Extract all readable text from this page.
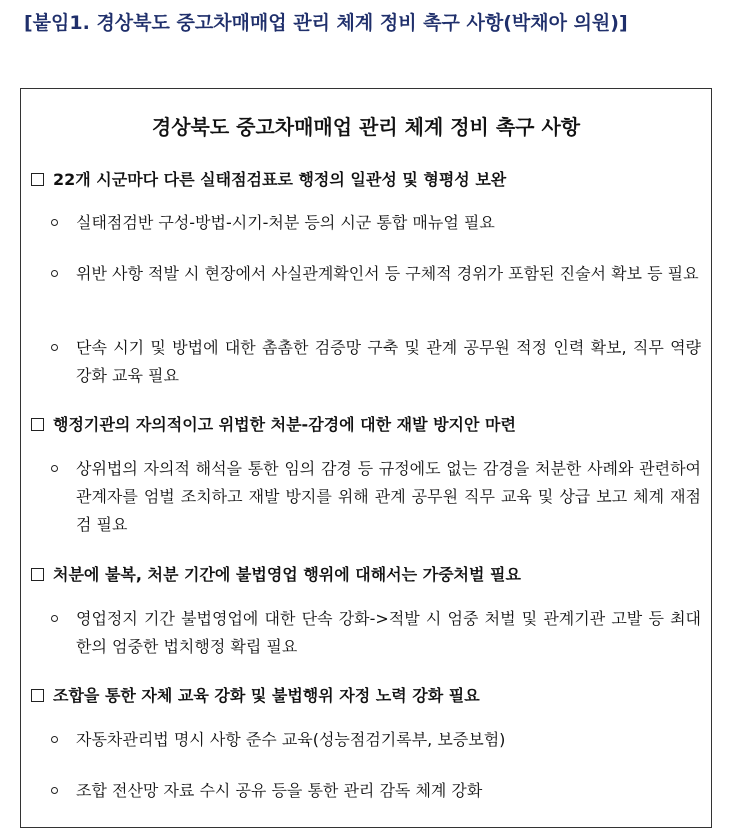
[붙임1. 경상북도 중고차매매업 관리 체계 정비 촉구 사항(박채아 의원)]
경상북도 중고차매매업 관리 체계 정비 촉구 사항
22개 시군마다 다른 실태점검표로 행정의 일관성 및 형평성 보완
실태점검반 구성-방법-시기-처분 등의 시군 통합 매뉴얼 필요
위반 사항 적발 시 현장에서 사실관계확인서 등 구체적 경위가 포함된 진술서 확보 등 필요
단속 시기 및 방법에 대한 촘촘한 검증망 구축 및 관계 공무원 적정 인력 확보, 직무 역량 강화 교육 필요
행정기관의 자의적이고 위법한 처분-감경에 대한 재발 방지안 마련
상위법의 자의적 해석을 통한 임의 감경 등 규정에도 없는 감경을 처분한 사례와 관련하여 관계자를 엄벌 조치하고 재발 방지를 위해 관계 공무원 직무 교육 및 상급 보고 체계 재점검 필요
처분에 불복, 처분 기간에 불법영업 행위에 대해서는 가중처벌 필요
영업정지 기간 불법영업에 대한 단속 강화->적발 시 엄중 처벌 및 관계기관 고발 등 최대한의 엄중한 법치행정 확립 필요
조합을 통한 자체 교육 강화 및 불법행위 자정 노력 강화 필요
자동차관리법 명시 사항 준수 교육(성능점검기록부, 보증보험)
조합 전산망 자료 수시 공유 등을 통한 관리 감독 체계 강화
